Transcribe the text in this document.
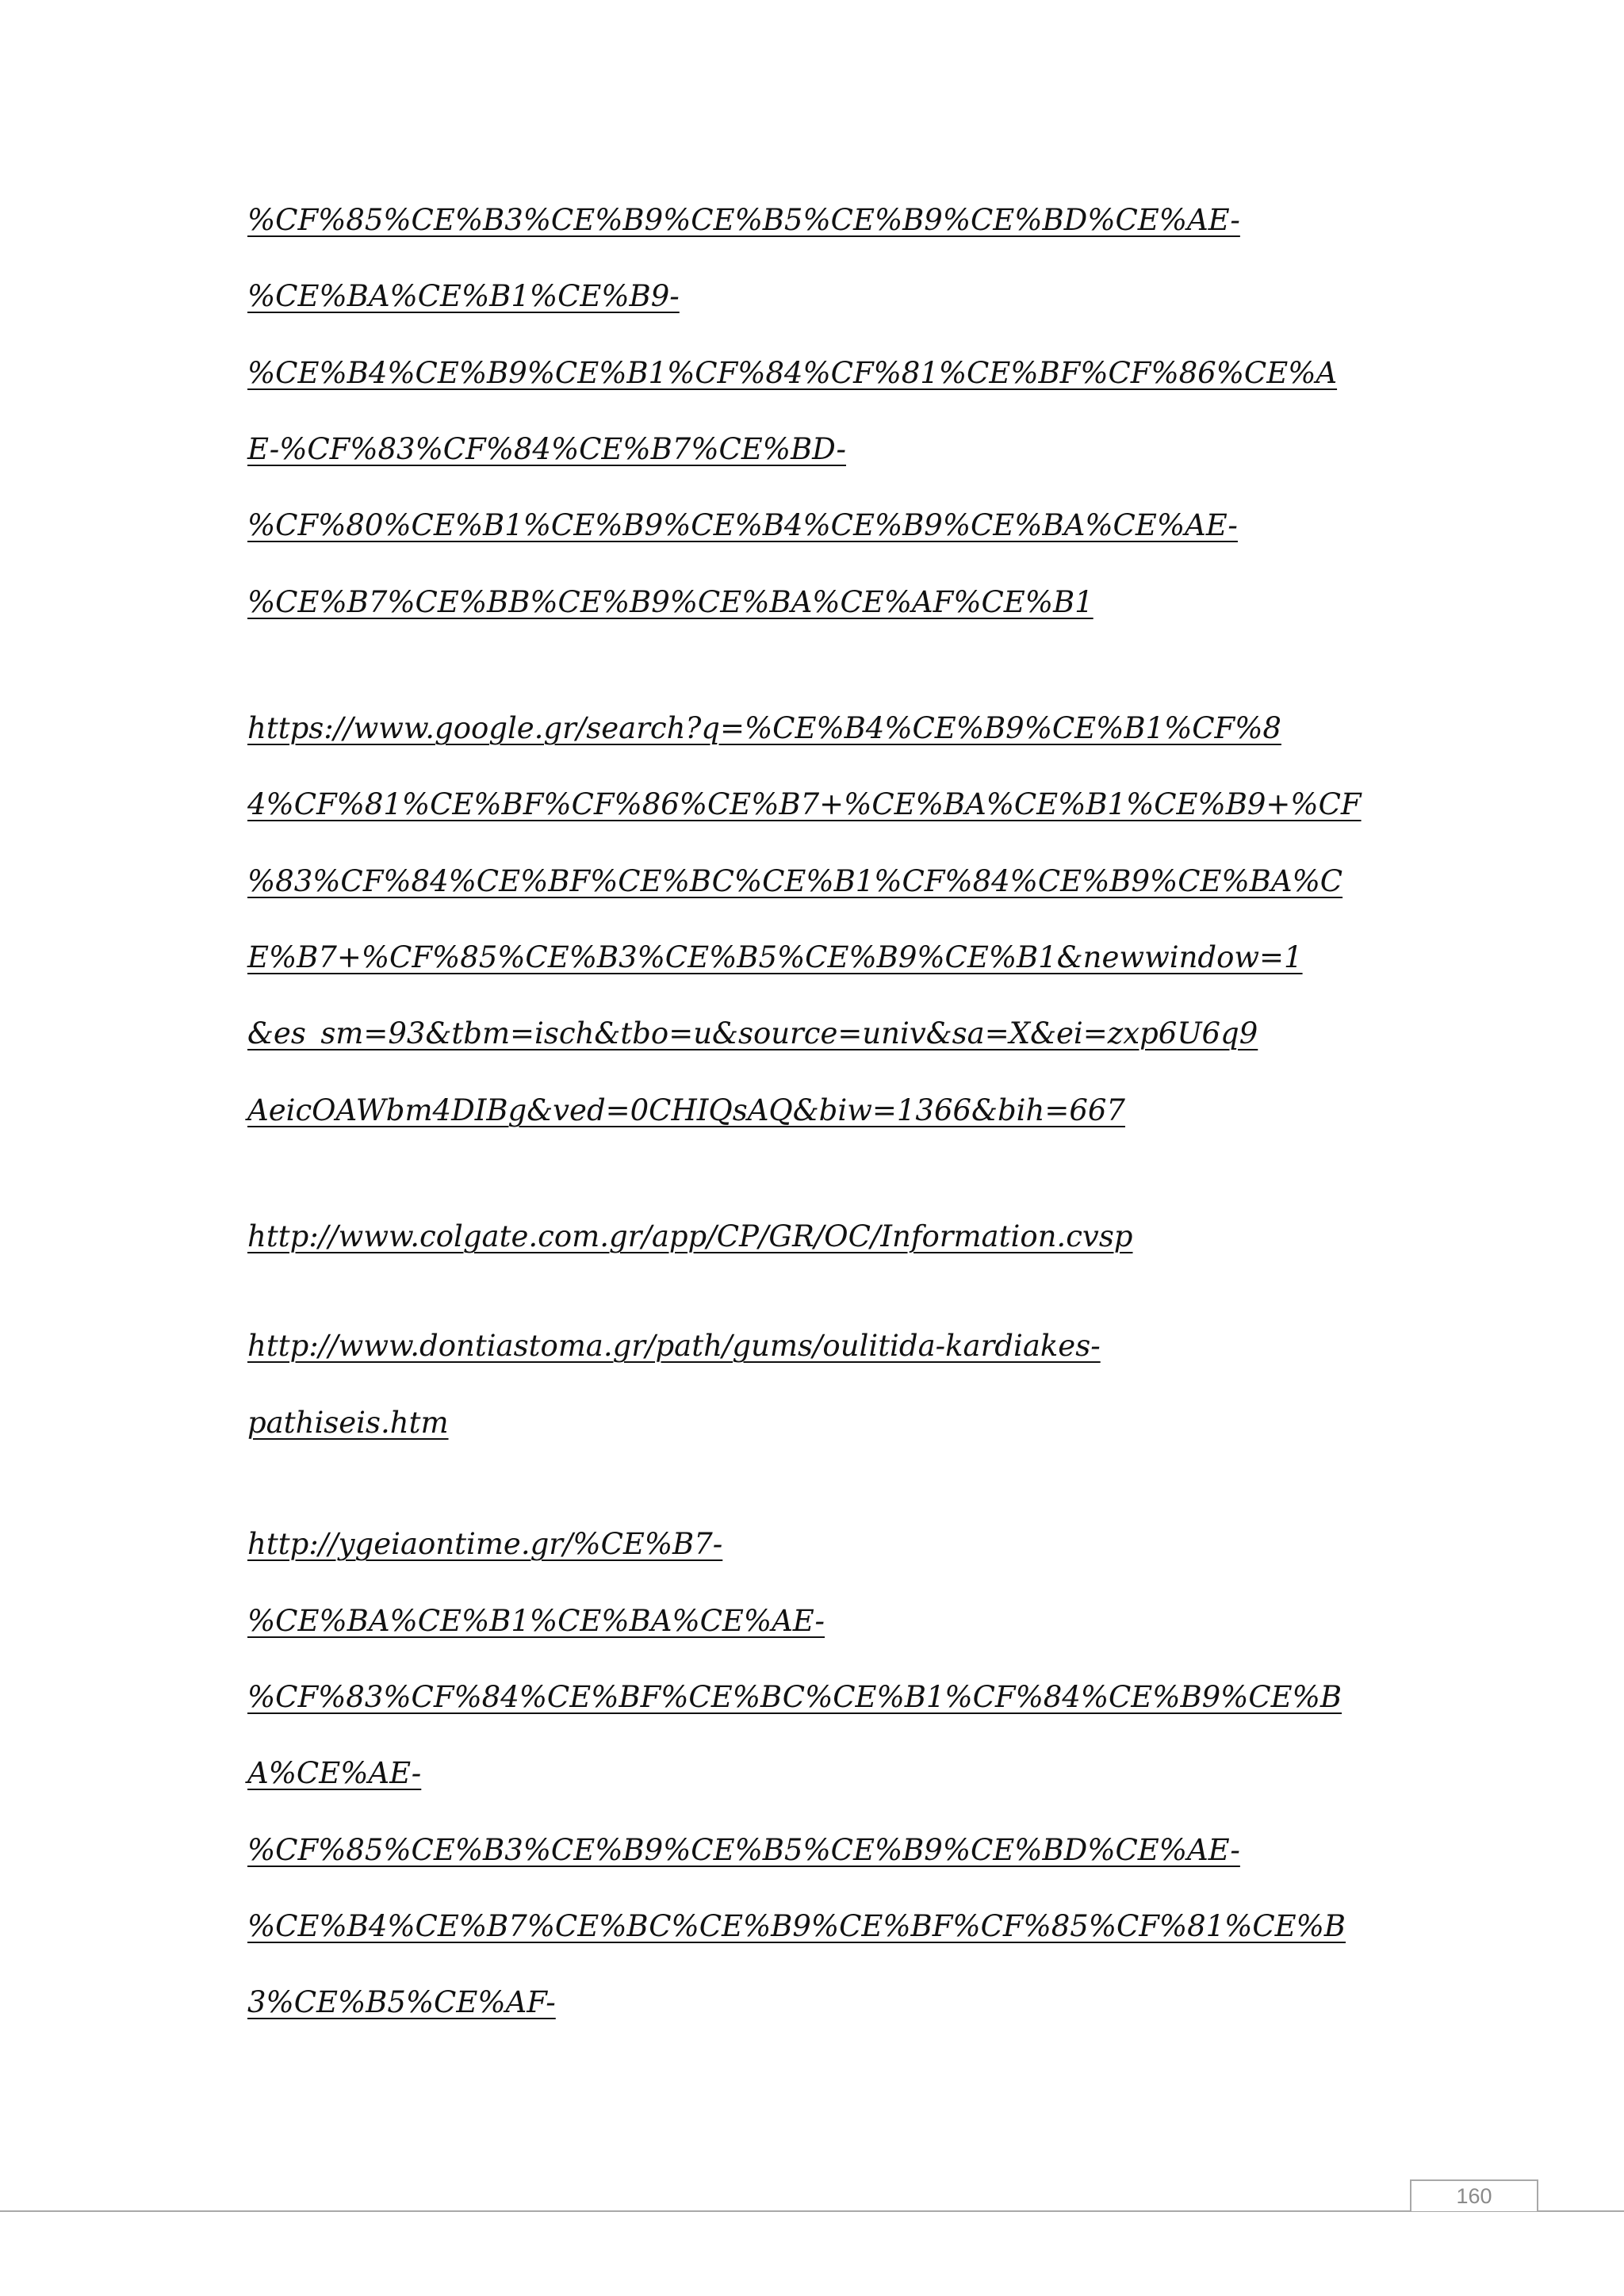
%CF%85%CE%B3%CE%B9%CE%B5%CE%B9%CE%BD%CE%AE-
%CE%BA%CE%B1%CE%B9-
%CE%B4%CE%B9%CE%B1%CF%84%CF%81%CE%BF%CF%86%CE%A
E-%CF%83%CF%84%CE%B7%CE%BD-
%CF%80%CE%B1%CE%B9%CE%B4%CE%B9%CE%BA%CE%AE-
%CE%B7%CE%BB%CE%B9%CE%BA%CE%AF%CE%B1
https://www.google.gr/search?q=%CE%B4%CE%B9%CE%B1%CF%8
4%CF%81%CE%BF%CF%86%CE%B7+%CE%BA%CE%B1%CE%B9+%CF
%83%CF%84%CE%BF%CE%BC%CE%B1%CF%84%CE%B9%CE%BA%C
E%B7+%CF%85%CE%B3%CE%B5%CE%B9%CE%B1&newwindow=1
&es_sm=93&tbm=isch&tbo=u&source=univ&sa=X&ei=zxp6U6q9
AeicOAWbm4DIBg&ved=0CHIQsAQ&biw=1366&bih=667
http://www.colgate.com.gr/app/CP/GR/OC/Information.cvsp
http://www.dontiastoma.gr/path/gums/oulitida-kardiakes-
pathiseis.htm
http://ygeiaontime.gr/%CE%B7-
%CE%BA%CE%B1%CE%BA%CE%AE-
%CF%83%CF%84%CE%BF%CE%BC%CE%B1%CF%84%CE%B9%CE%B
A%CE%AE-
%CF%85%CE%B3%CE%B9%CE%B5%CE%B9%CE%BD%CE%AE-
%CE%B4%CE%B7%CE%BC%CE%B9%CE%BF%CF%85%CF%81%CE%B
3%CE%B5%CE%AF-
160
